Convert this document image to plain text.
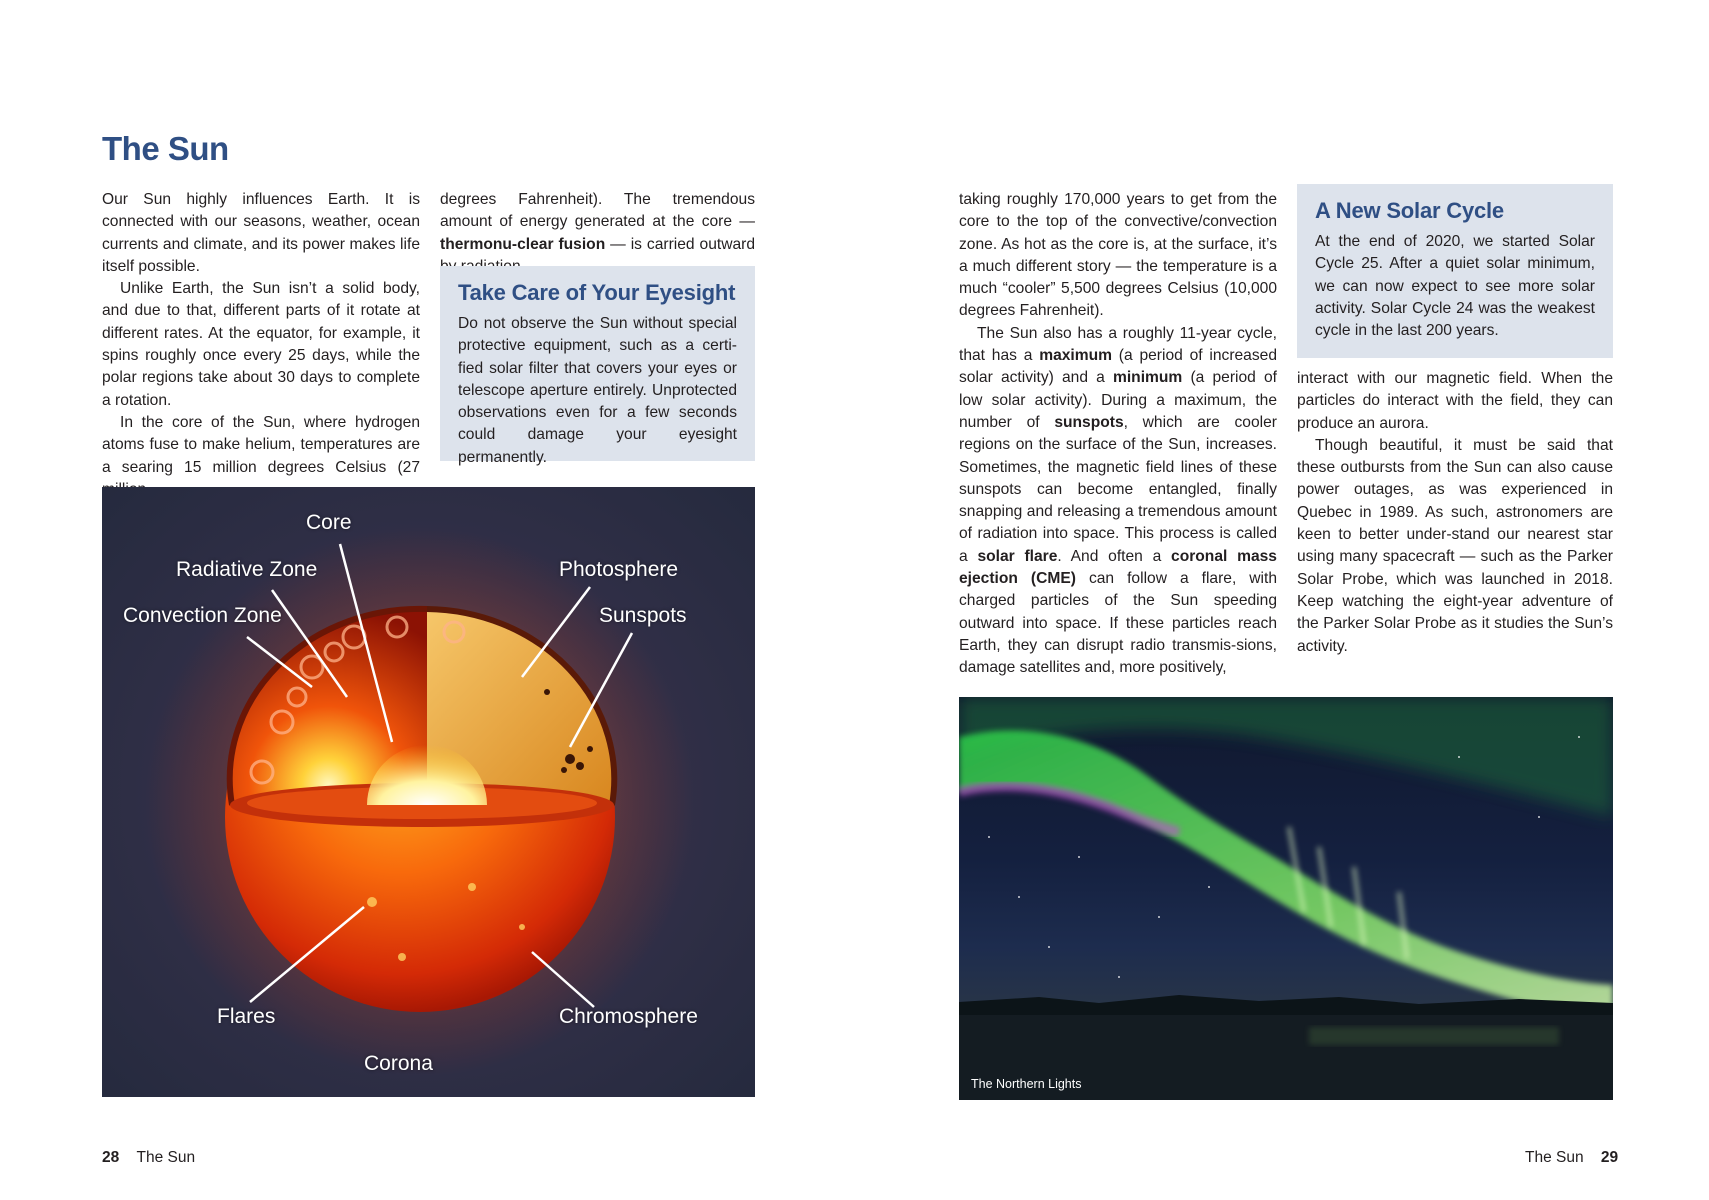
The Sun

Our Sun highly influences Earth. It is connected with our seasons, weather, ocean currents and climate, and its power makes life itself possible.

Unlike Earth, the Sun isn’t a solid body, and due to that, different parts of it rotate at different rates. At the equator, for example, it spins roughly once every 25 days, while the polar regions take about 30 days to complete a rotation.

In the core of the Sun, where hydrogen atoms fuse to make helium, temperatures are a searing 15 million degrees Celsius (27

degrees Fahrenheit). The tremendous amount of energy generated at the core — thermonu-clear fusion — is carried outward

Take Care of Your Eyesight

Do not observe the Sun without special protective equipment, such as a certi-fied solar filter that covers your eyes or telescope aperture entirely. Unprotected observations even for a few seconds could damage your eyesight permanently.

Core
Radiative Zone
Convection Zone
Photosphere
Sunspots
Flares	Chromosphere
Corona
28 The Sun

taking roughly 170,000 years to get from the core to the top of the convective/convection zone. As hot as the core is, at the surface, it’s a much different story — the temperature is a much “cooler” 5,500 degrees Celsius (10,000 degrees Fahrenheit).

The Sun also has a roughly 11-year cycle, that has a maximum (a period of increased solar activity) and a minimum (a period of low solar activity). During a maximum, the number of sunspots, which are cooler regions on the surface of the Sun, increases. Sometimes, the magnetic field lines of these sunspots can become entangled, finally snapping and releasing a tremendous amount of radiation into space. This process is called a solar flare. And often a coronal mass ejection (CME) can follow a flare, with charged particles of the Sun speeding outward into space. If these particles reach Earth, they can disrupt radio transmis-sions, damage satellites and, more positively,

A New Solar Cycle

At the end of 2020, we started Solar Cycle 25. After a quiet solar minimum, we can now expect to see more solar activity. Solar Cycle 24 was the weakest cycle in the last 200 years.

interact with our magnetic field. When the particles do interact with the field, they can produce an aurora.

Though beautiful, it must be said that these outbursts from the Sun can also cause power outages, as was experienced in Quebec in 1989. As such, astronomers are keen to better under-stand our nearest star using many spacecraft — such as the Parker Solar Probe, which was launched in 2018. Keep watching the eight-year adventure of the Parker Solar Probe as it studies the Sun’s activity.

The Northern Lights
The Sun 29
